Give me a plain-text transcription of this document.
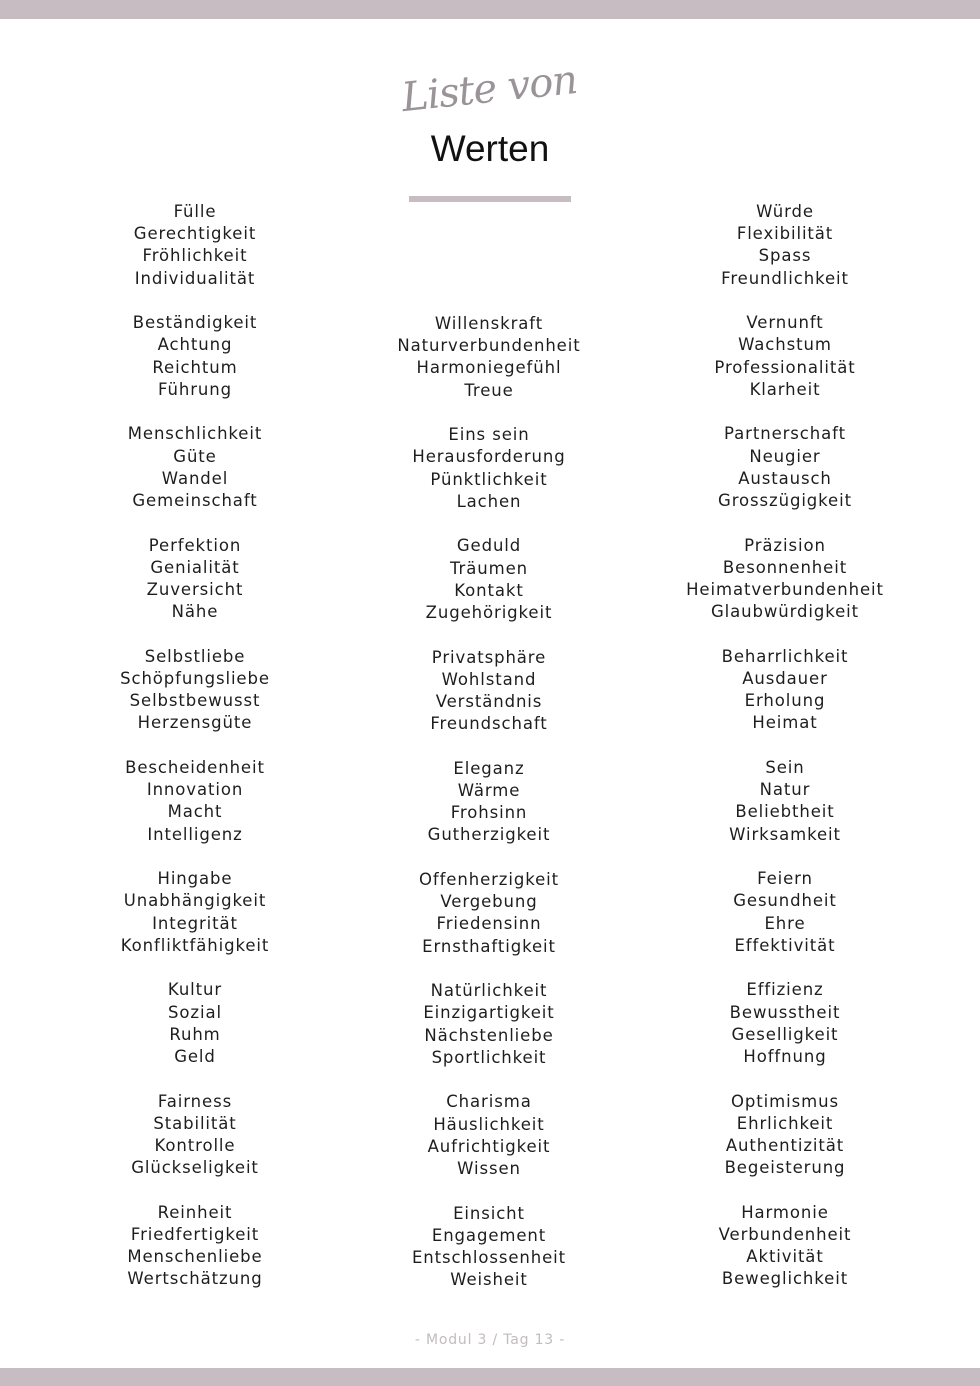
Liste von
Werten
Fülle
Gerechtigkeit
Fröhlichkeit
Individualität
Beständigkeit
Achtung
Reichtum
Führung
Menschlichkeit
Güte
Wandel
Gemeinschaft
Perfektion
Genialität
Zuversicht
Nähe
Selbstliebe
Schöpfungsliebe
Selbstbewusst
Herzensgüte
Bescheidenheit
Innovation
Macht
Intelligenz
Hingabe
Unabhängigkeit
Integrität
Konfliktfähigkeit
Kultur
Sozial
Ruhm
Geld
Fairness
Stabilität
Kontrolle
Glückseligkeit
Reinheit
Friedfertigkeit
Menschenliebe
Wertschätzung
Willenskraft
Naturverbundenheit
Harmoniegefühl
Treue
Eins sein
Herausforderung
Pünktlichkeit
Lachen
Geduld
Träumen
Kontakt
Zugehörigkeit
Privatsphäre
Wohlstand
Verständnis
Freundschaft
Eleganz
Wärme
Frohsinn
Gutherzigkeit
Offenherzigkeit
Vergebung
Friedensinn
Ernsthaftigkeit
Natürlichkeit
Einzigartigkeit
Nächstenliebe
Sportlichkeit
Charisma
Häuslichkeit
Aufrichtigkeit
Wissen
Einsicht
Engagement
Entschlossenheit
Weisheit
Würde
Flexibilität
Spass
Freundlichkeit
Vernunft
Wachstum
Professionalität
Klarheit
Partnerschaft
Neugier
Austausch
Grosszügigkeit
Präzision
Besonnenheit
Heimatverbundenheit
Glaubwürdigkeit
Beharrlichkeit
Ausdauer
Erholung
Heimat
Sein
Natur
Beliebtheit
Wirksamkeit
Feiern
Gesundheit
Ehre
Effektivität
Effizienz
Bewusstheit
Geselligkeit
Hoffnung
Optimismus
Ehrlichkeit
Authentizität
Begeisterung
Harmonie
Verbundenheit
Aktivität
Beweglichkeit
- Modul 3 / Tag 13 -
